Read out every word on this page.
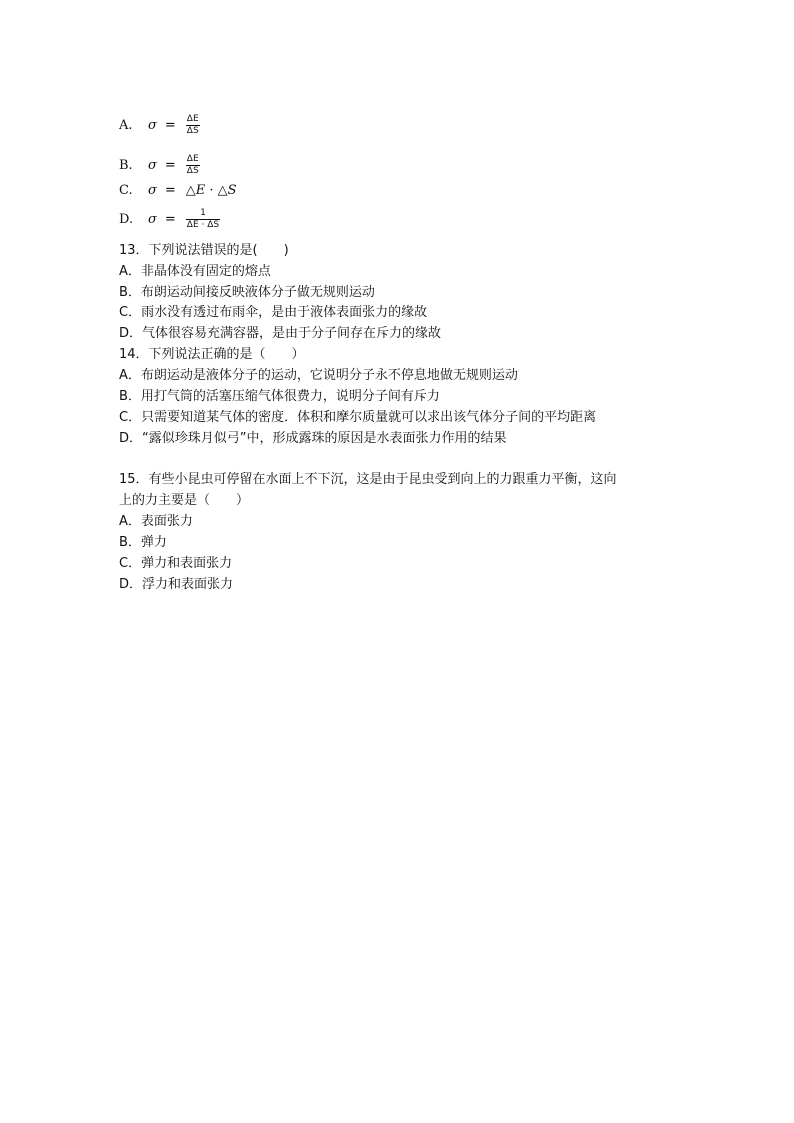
A.	$\sigma = \frac{\Delta E}{\Delta S}$
B.	$\sigma = \frac{\Delta E}{\Delta S}$
C.	σ = △E · △S
D.	$\sigma = \frac{1}{\Delta E \cdot \Delta S}$
13．下列说法错误的是(　　)
A．非晶体没有固定的熔点
B．布朗运动间接反映液体分子做无规则运动
C．雨水没有透过布雨伞，是由于液体表面张力的缘故
D．气体很容易充满容器，是由于分子间存在斥力的缘故
14．下列说法正确的是（　　）
A．布朗运动是液体分子的运动，它说明分子永不停息地做无规则运动
B．用打气筒的活塞压缩气体很费力，说明分子间有斥力
C．只需要知道某气体的密度．体积和摩尔质量就可以求出该气体分子间的平均距离
D．“露似珍珠月似弓”中，形成露珠的原因是水表面张力作用的结果
15．有些小昆虫可停留在水面上不下沉，这是由于昆虫受到向上的力跟重力平衡，这向
上的力主要是（　　）
A．表面张力
B．弹力
C．弹力和表面张力
D．浮力和表面张力
